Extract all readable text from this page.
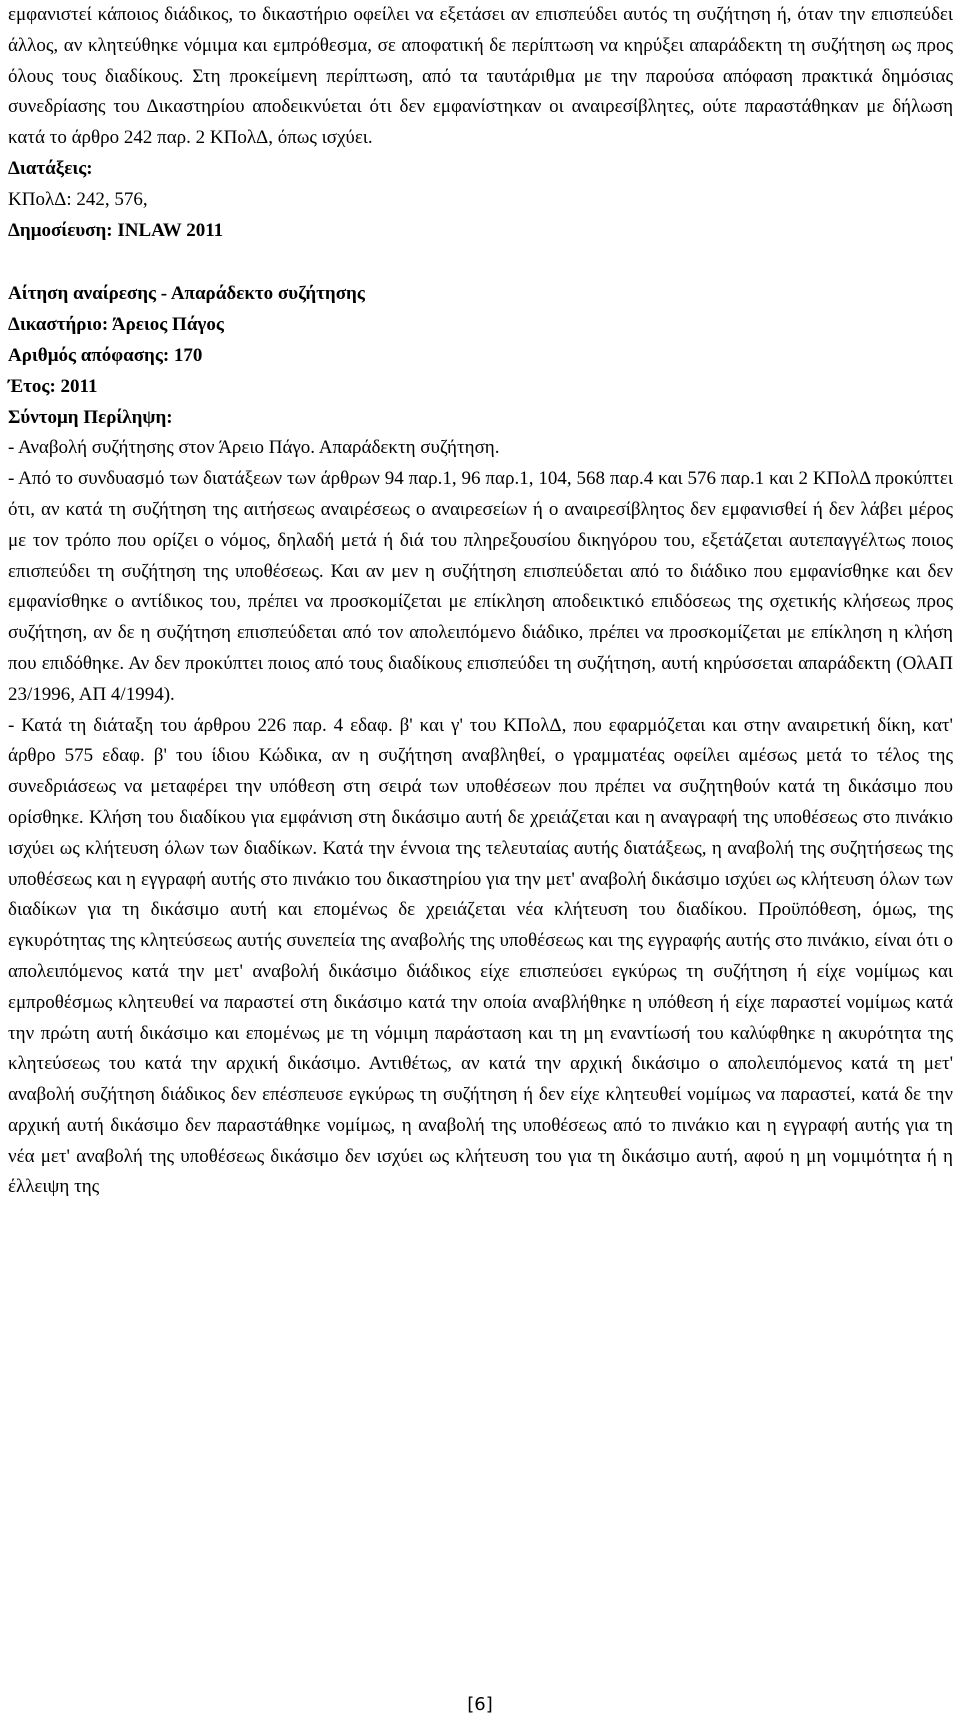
εμφανιστεί κάποιος διάδικος, το δικαστήριο οφείλει να εξετάσει αν επισπεύδει αυτός τη συζήτηση ή, όταν την επισπεύδει άλλος, αν κλητεύθηκε νόμιμα και εμπρόθεσμα, σε αποφατική δε περίπτωση να κηρύξει απαράδεκτη τη συζήτηση ως προς όλους τους διαδίκους. Στη προκείμενη περίπτωση, από τα ταυτάριθμα με την παρούσα απόφαση πρακτικά δημόσιας συνεδρίασης του Δικαστηρίου αποδεικνύεται ότι δεν εμφανίστηκαν οι αναιρεσίβλητες, ούτε παραστάθηκαν με δήλωση κατά το άρθρο 242 παρ. 2 ΚΠολΔ, όπως ισχύει.

Διατάξεις:

ΚΠολΔ: 242, 576,

Δημοσίευση: INLAW 2011

Αίτηση αναίρεσης - Απαράδεκτο συζήτησης

Δικαστήριο: Άρειος Πάγος

Αριθμός απόφασης: 170

Έτος: 2011

Σύντομη Περίληψη:

- Αναβολή συζήτησης στον Άρειο Πάγο. Απαράδεκτη συζήτηση.

- Από το συνδυασμό των διατάξεων των άρθρων 94 παρ.1, 96 παρ.1, 104, 568 παρ.4 και 576 παρ.1 και 2 ΚΠολΔ προκύπτει ότι, αν κατά τη συζήτηση της αιτήσεως αναιρέσεως ο αναιρεσείων ή ο αναιρεσίβλητος δεν εμφανισθεί ή δεν λάβει μέρος με τον τρόπο που ορίζει ο νόμος, δηλαδή μετά ή διά του πληρεξουσίου δικηγόρου του, εξετάζεται αυτεπαγγέλτως ποιος επισπεύδει τη συζήτηση της υποθέσεως. Και αν μεν η συζήτηση επισπεύδεται από το διάδικο που εμφανίσθηκε και δεν εμφανίσθηκε ο αντίδικος του, πρέπει να προσκομίζεται με επίκληση αποδεικτικό επιδόσεως της σχετικής κλήσεως προς συζήτηση, αν δε η συζήτηση επισπεύδεται από τον απολειπόμενο διάδικο, πρέπει να προσκομίζεται με επίκληση η κλήση που επιδόθηκε. Αν δεν προκύπτει ποιος από τους διαδίκους επισπεύδει τη συζήτηση, αυτή κηρύσσεται απαράδεκτη (ΟλΑΠ 23/1996, ΑΠ 4/1994).

- Κατά τη διάταξη του άρθρου 226 παρ. 4 εδαφ. β' και γ' του ΚΠολΔ, που εφαρμόζεται και στην αναιρετική δίκη, κατ' άρθρο 575 εδαφ. β' του ίδιου Κώδικα, αν η συζήτηση αναβληθεί, ο γραμματέας οφείλει αμέσως μετά το τέλος της συνεδριάσεως να μεταφέρει την υπόθεση στη σειρά των υποθέσεων που πρέπει να συζητηθούν κατά τη δικάσιμο που ορίσθηκε. Κλήση του διαδίκου για εμφάνιση στη δικάσιμο αυτή δε χρειάζεται και η αναγραφή της υποθέσεως στο πινάκιο ισχύει ως κλήτευση όλων των διαδίκων. Κατά την έννοια της τελευταίας αυτής διατάξεως, η αναβολή της συζητήσεως της υποθέσεως και η εγγραφή αυτής στο πινάκιο του δικαστηρίου για την μετ' αναβολή δικάσιμο ισχύει ως κλήτευση όλων των διαδίκων για τη δικάσιμο αυτή και επομένως δε χρειάζεται νέα κλήτευση του διαδίκου. Προϋπόθεση, όμως, της εγκυρότητας της κλητεύσεως αυτής συνεπεία της αναβολής της υποθέσεως και της εγγραφής αυτής στο πινάκιο, είναι ότι ο απολειπόμενος κατά την μετ' αναβολή δικάσιμο διάδικος είχε επισπεύσει εγκύρως τη συζήτηση ή είχε νομίμως και εμπροθέσμως κλητευθεί να παραστεί στη δικάσιμο κατά την οποία αναβλήθηκε η υπόθεση ή είχε παραστεί νομίμως κατά την πρώτη αυτή δικάσιμο και επομένως με τη νόμιμη παράσταση και τη μη εναντίωσή του καλύφθηκε η ακυρότητα της κλητεύσεως του κατά την αρχική δικάσιμο. Αντιθέτως, αν κατά την αρχική δικάσιμο ο απολειπόμενος κατά τη μετ' αναβολή συζήτηση διάδικος δεν επέσπευσε εγκύρως τη συζήτηση ή δεν είχε κλητευθεί νομίμως να παραστεί, κατά δε την αρχική αυτή δικάσιμο δεν παραστάθηκε νομίμως, η αναβολή της υποθέσεως από το πινάκιο και η εγγραφή αυτής για τη νέα μετ' αναβολή της υποθέσεως δικάσιμο δεν ισχύει ως κλήτευση του για τη δικάσιμο αυτή, αφού η μη νομιμότητα ή η έλλειψη της

[6]
